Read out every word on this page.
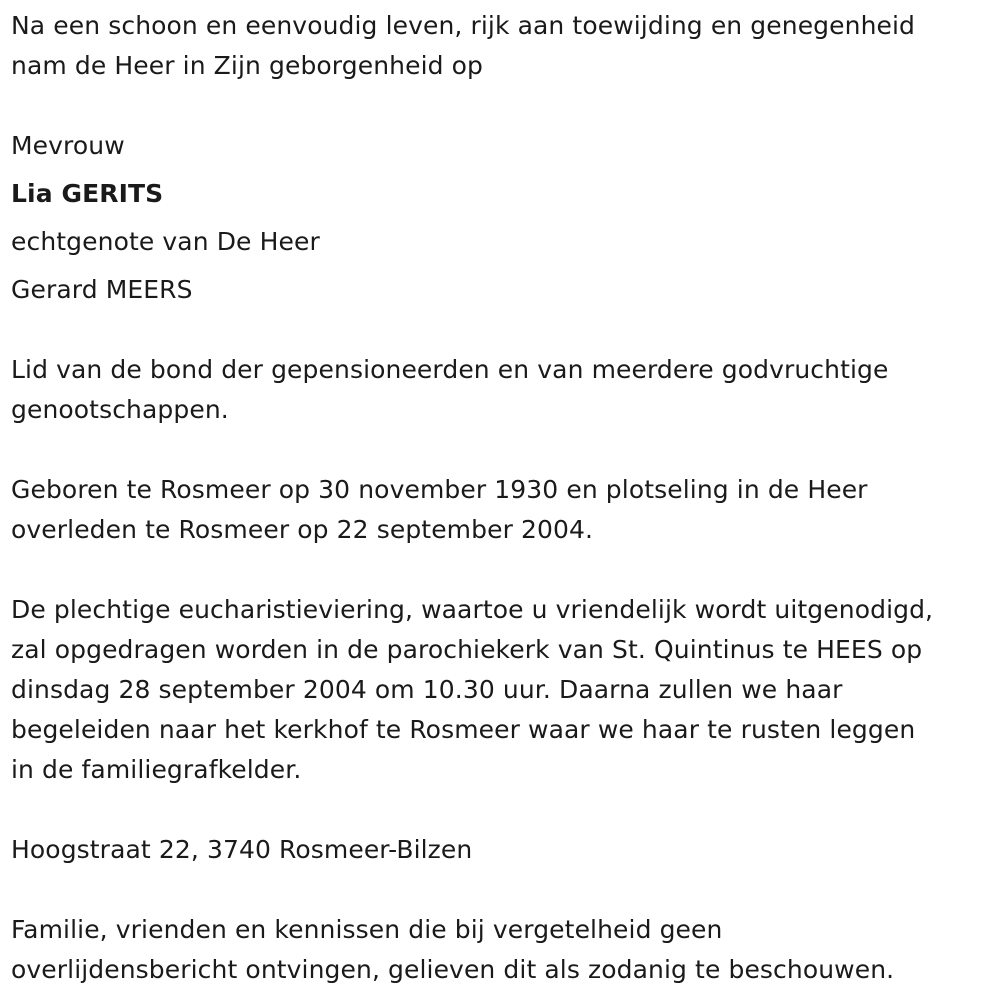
Na een schoon en eenvoudig leven, rijk aan toewijding en genegenheid
nam de Heer in Zijn geborgenheid op
Mevrouw
Lia GERITS
echtgenote van De Heer
Gerard MEERS
Lid van de bond der gepensioneerden en van meerdere godvruchtige
genootschappen.
Geboren te Rosmeer op 30 november 1930 en plotseling in de Heer
overleden te Rosmeer op 22 september 2004.
De plechtige eucharistieviering, waartoe u vriendelijk wordt uitgenodigd,
zal opgedragen worden in de parochiekerk van St. Quintinus te HEES op
dinsdag 28 september 2004 om 10.30 uur. Daarna zullen we haar
begeleiden naar het kerkhof te Rosmeer waar we haar te rusten leggen
in de familiegrafkelder.
Hoogstraat 22, 3740 Rosmeer-Bilzen
Familie, vrienden en kennissen die bij vergetelheid geen
overlijdensbericht ontvingen, gelieven dit als zodanig te beschouwen.
